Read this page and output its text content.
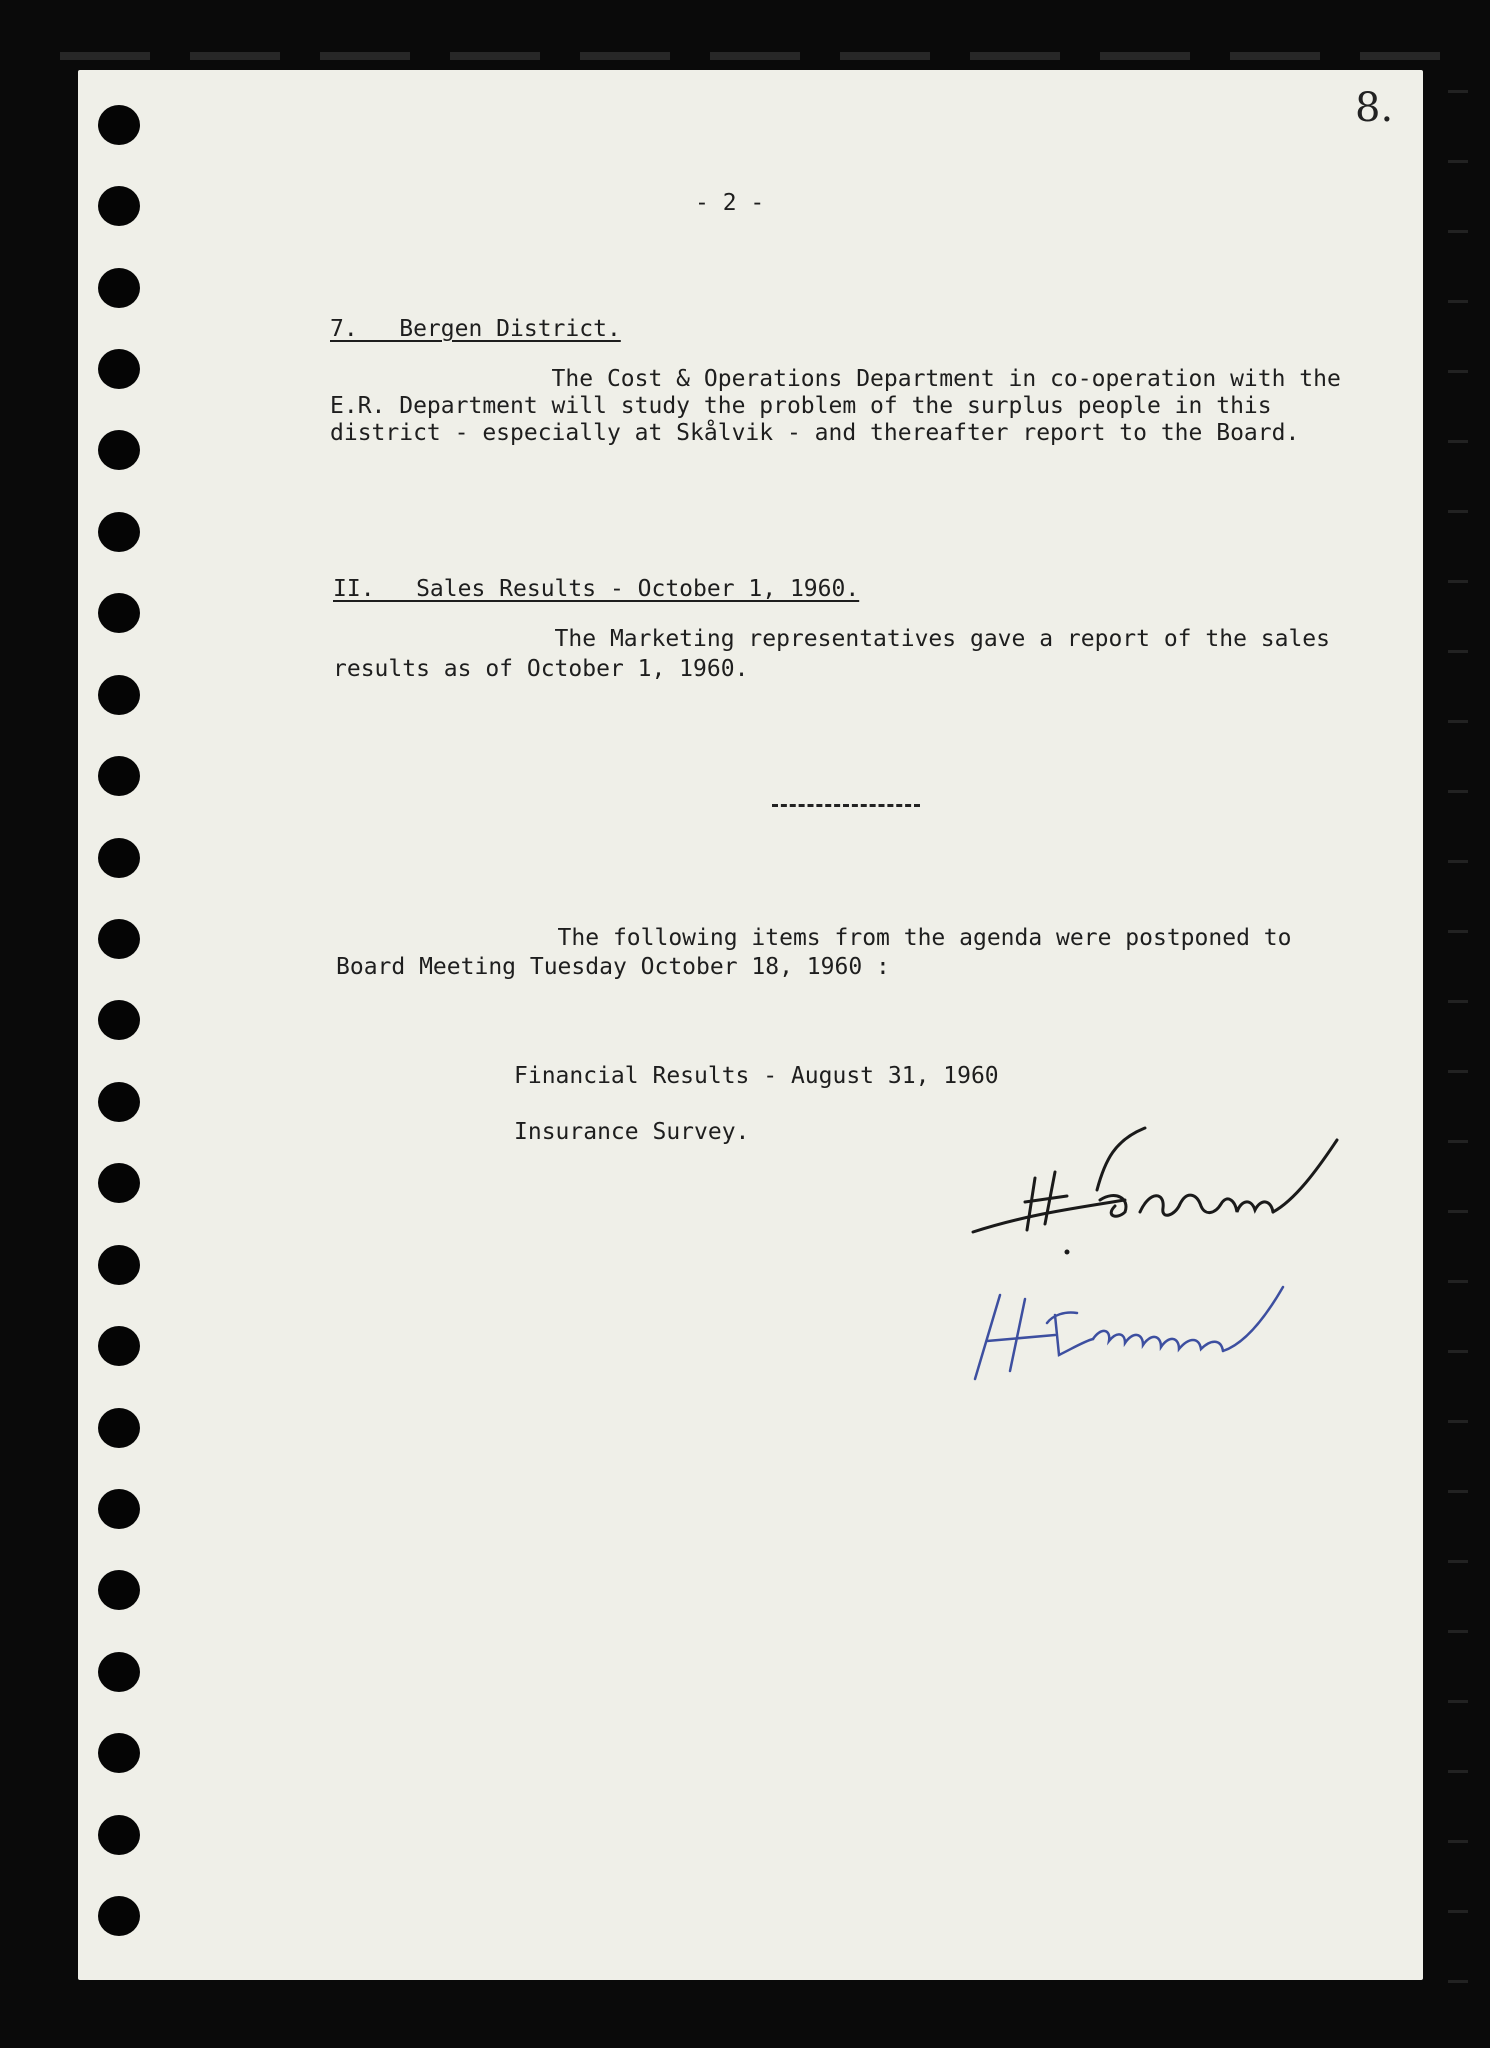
8.
- 2 -
7.   Bergen District.
The Cost & Operations Department in co-operation with the
E.R. Department will study the problem of the surplus people in this
district - especially at Skålvik - and thereafter report to the Board.
II.   Sales Results - October 1, 1960.
The Marketing representatives gave a report of the sales
results as of October 1, 1960.
The following items from the agenda were postponed to
Board Meeting Tuesday October 18, 1960 :
Financial Results - August 31, 1960
Insurance Survey.
